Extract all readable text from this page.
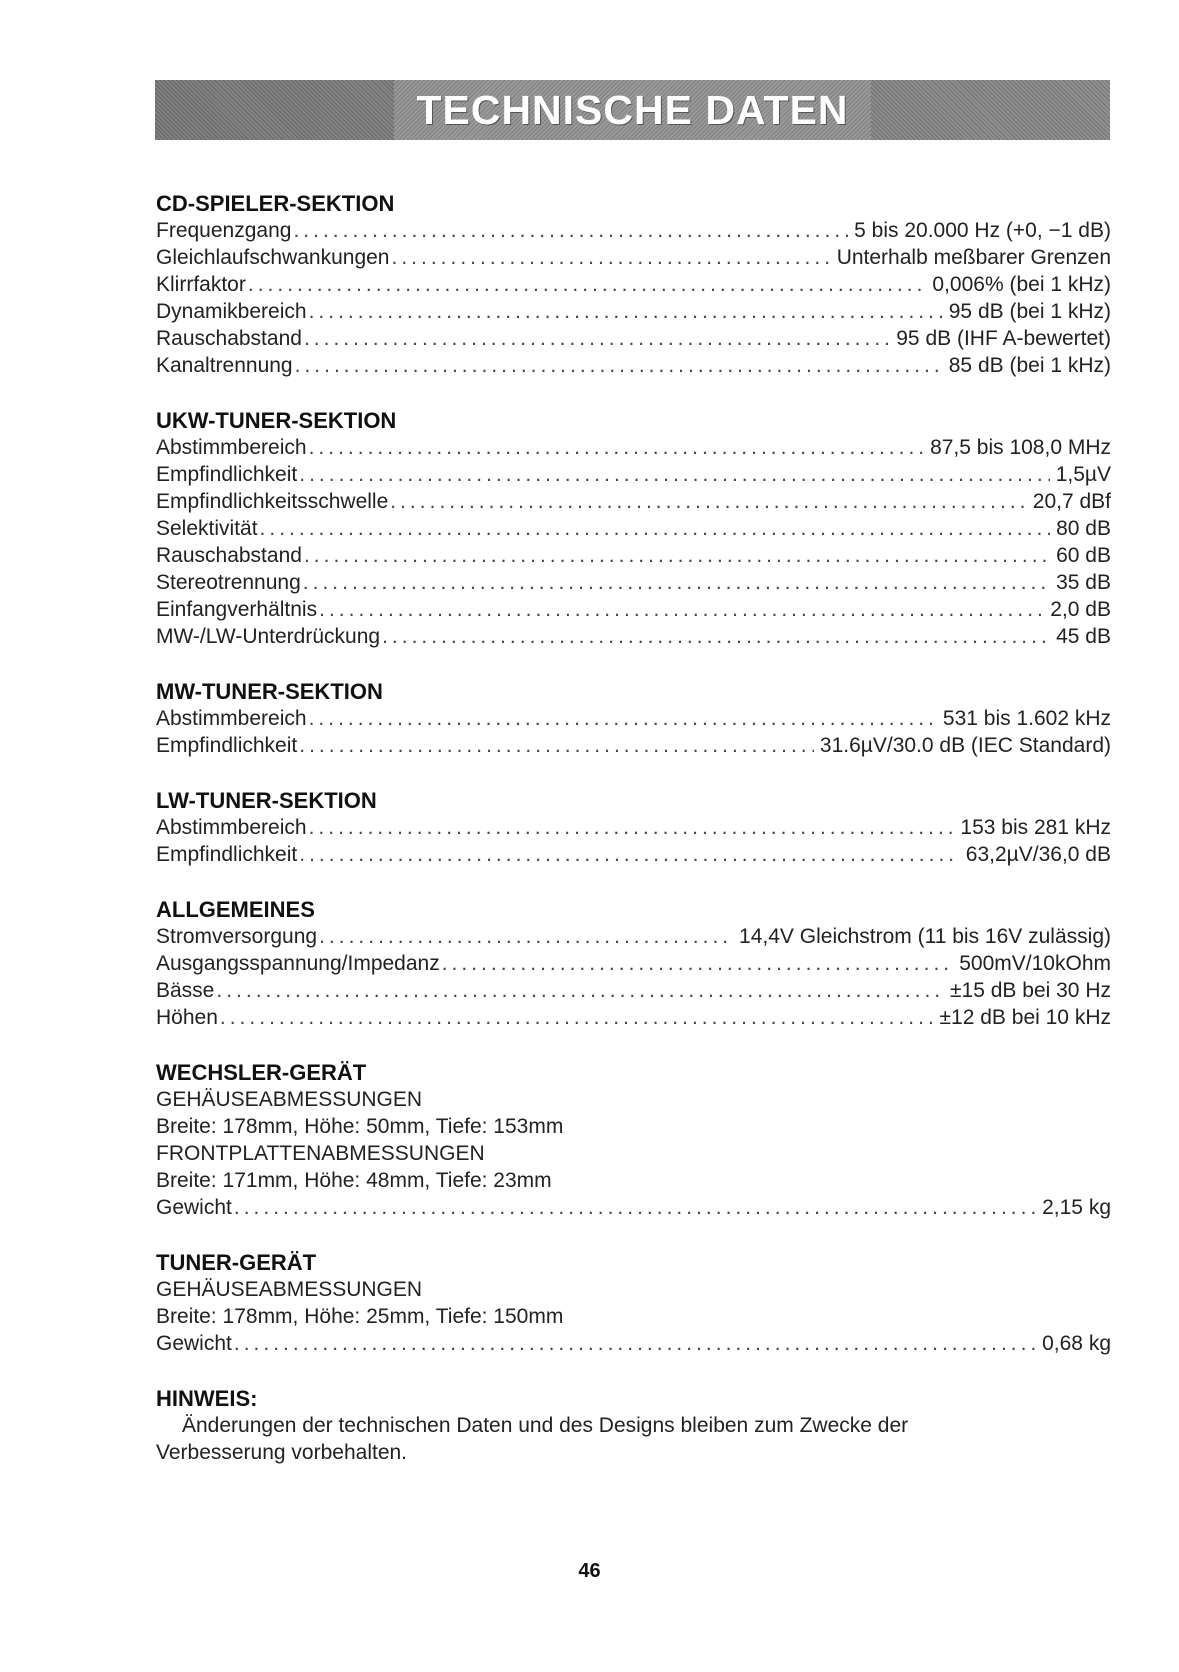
TECHNISCHE DATEN
CD-SPIELER-SEKTION
Frequenzgang .....	5 bis 20.000 Hz (+0, −1 dB)
Gleichlaufschwankungen .....	Unterhalb meßbarer Grenzen
Klirrfaktor .....	0,006% (bei 1 kHz)
Dynamikbereich .....	95 dB (bei 1 kHz)
Rauschabstand .....	95 dB (IHF A-bewertet)
Kanaltrennung .....	85 dB (bei 1 kHz)
UKW-TUNER-SEKTION
Abstimmbereich .....	87,5 bis 108,0 MHz
Empfindlichkeit .....	1,5µV
Empfindlichkeitsschwelle .....	20,7 dBf
Selektivität .....	80 dB
Rauschabstand .....	60 dB
Stereotrennung .....	35 dB
Einfangverhältnis .....	2,0 dB
MW-/LW-Unterdrückung .....	45 dB
MW-TUNER-SEKTION
Abstimmbereich .....	531 bis 1.602 kHz
Empfindlichkeit .....	31.6µV/30.0 dB (IEC Standard)
LW-TUNER-SEKTION
Abstimmbereich .....	153 bis 281 kHz
Empfindlichkeit .....	63,2µV/36,0 dB
ALLGEMEINES
Stromversorgung .....	14,4V Gleichstrom (11 bis 16V zulässig)
Ausgangsspannung/Impedanz .....	500mV/10kOhm
Bässe .....	±15 dB bei 30 Hz
Höhen .....	±12 dB bei 10 kHz
WECHSLER-GERÄT
GEHÄUSEABMESSUNGEN
Breite: 178mm, Höhe: 50mm, Tiefe: 153mm
FRONTPLATTENABMESSUNGEN
Breite: 171mm, Höhe: 48mm, Tiefe: 23mm
Gewicht .....	2,15 kg
TUNER-GERÄT
GEHÄUSEABMESSUNGEN
Breite: 178mm, Höhe: 25mm, Tiefe: 150mm
Gewicht .....	0,68 kg
HINWEIS:
Änderungen der technischen Daten und des Designs bleiben zum Zwecke der Verbesserung vorbehalten.
46
